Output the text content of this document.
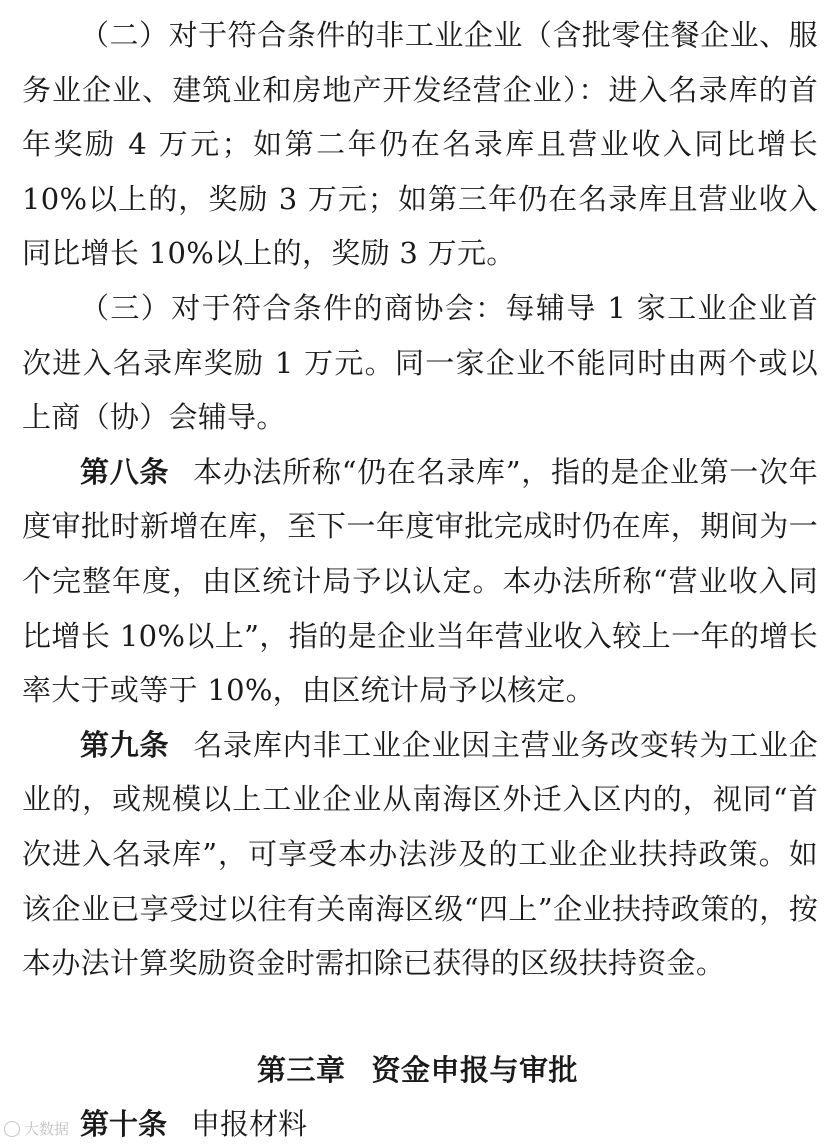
（二）对于符合条件的非工业企业（含批零住餐企业、服务业企业、建筑业和房地产开发经营企业）：进入名录库的首年奖励 4 万元；如第二年仍在名录库且营业收入同比增长 10%以上的，奖励 3 万元；如第三年仍在名录库且营业收入同比增长 10%以上的，奖励 3 万元。

（三）对于符合条件的商协会：每辅导 1 家工业企业首次进入名录库奖励 1 万元。同一家企业不能同时由两个或以上商（协）会辅导。

第八条 本办法所称“仍在名录库”，指的是企业第一次年度审批时新增在库，至下一年度审批完成时仍在库，期间为一个完整年度，由区统计局予以认定。本办法所称“营业收入同比增长 10%以上”，指的是企业当年营业收入较上一年的增长率大于或等于 10%，由区统计局予以核定。

第九条 名录库内非工业企业因主营业务改变转为工业企业的，或规模以上工业企业从南海区外迁入区内的，视同“首次进入名录库”，可享受本办法涉及的工业企业扶持政策。如该企业已享受过以往有关南海区级“四上”企业扶持政策的，按本办法计算奖励资金时需扣除已获得的区级扶持资金。

第三章 资金申报与审批
第十条 申报材料
大数据
